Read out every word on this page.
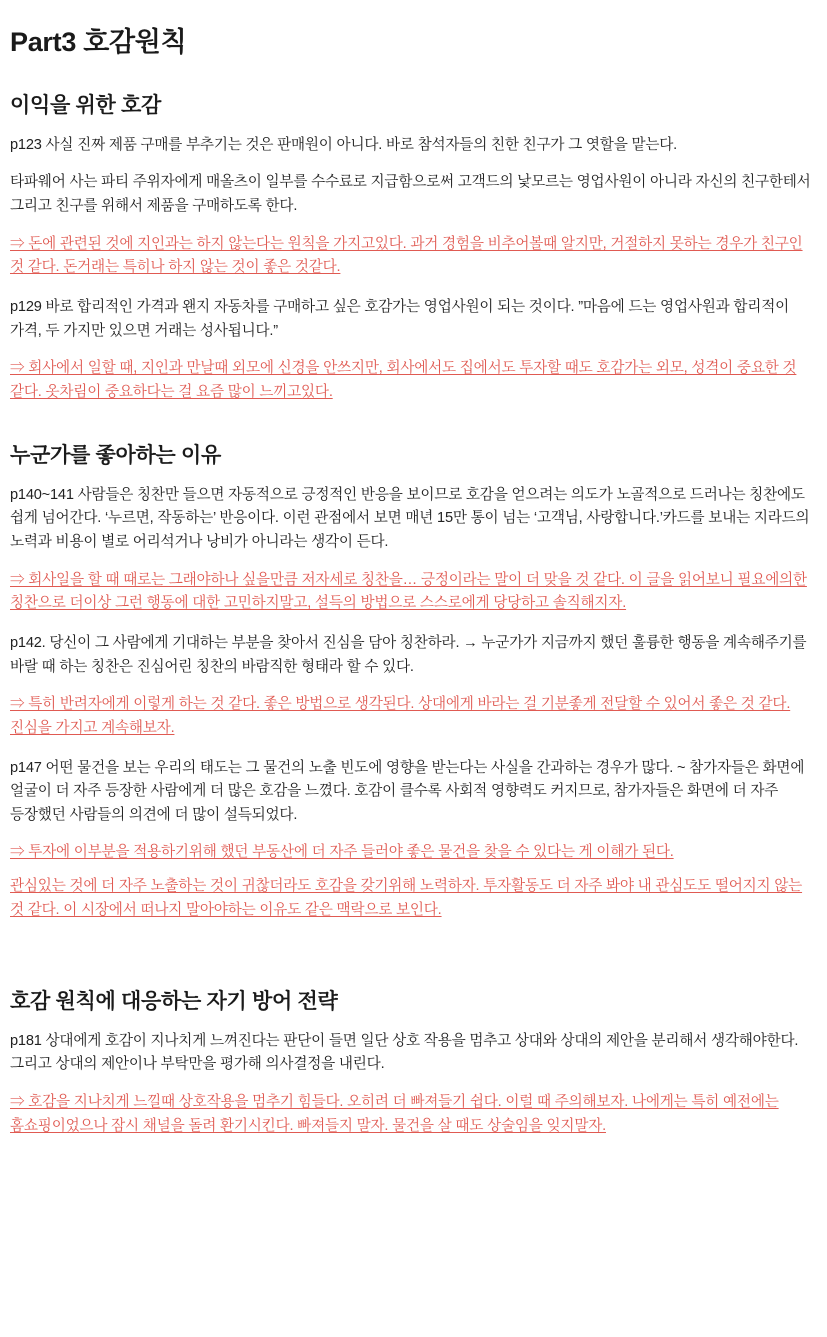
Part3 호감원칙
이익을 위한 호감

p123 사실 진짜 제품 구매를 부추기는 것은 판매원이 아니다. 바로 참석자들의 친한 친구가 그 엿할을 맡는다.

타파웨어 사는 파티 주위자에게 매올츠이 일부를 수수료로 지급함으로써 고객드의 낯모르는 영업사원이 아니라 자신의 친구한테서 그리고 친구를 위해서 제품을 구매하도록 한다.

⇒ 돈에 관련된 것에 지인과는 하지 않는다는 원칙을 가지고있다. 과거 경험을 비추어볼때 알지만, 거절하지 못하는 경우가 친구인 것 같다. 돈거래는 특히나 하지 않는 것이 좋은 것같다.

p129 바로 합리적인 가격과 왠지 자동차를 구매하고 싶은 호감가는 영업사원이 되는 것이다. ”마음에 드는 영업사원과 합리적이 가격, 두 가지만 있으면 거래는 성사됩니다.”

⇒ 회사에서 일할 때, 지인과 만날때 외모에 신경을 안쓰지만, 회사에서도 집에서도 투자할 때도 호감가는 외모, 성격이 중요한 것 같다. 옷차림이 중요하다는 걸 요즘 많이 느끼고있다.

누군가를 좋아하는 이유

p140~141 사람들은 칭찬만 들으면 자동적으로 긍정적인 반응을 보이므로 호감을 얻으려는 의도가 노골적으로 드러나는 칭찬에도 쉽게 넘어간다. ‘누르면, 작동하는’ 반응이다. 이런 관점에서 보면 매년 15만 통이 넘는 ‘고객님, 사랑합니다.’카드를 보내는 지라드의 노력과 비용이 별로 어리석거나 낭비가 아니라는 생각이 든다.

⇒ 회사일을 할 때 때로는 그래야하나 싶을만큼 저자세로 칭찬을… 긍정이라는 말이 더 맞을 것 같다. 이 글을 읽어보니 필요에의한 칭찬으로 더이상 그런 행동에 대한 고민하지말고, 설득의 방법으로 스스로에게 당당하고 솔직해지자.

p142. 당신이 그 사람에게 기대하는 부분을 찾아서 진심을 담아 칭찬하라. → 누군가가 지금까지 했던 훌륭한 행동을 계속해주기를 바랄 때 하는 칭찬은 진심어린 칭찬의 바람직한 형태라 할 수 있다.

⇒ 특히 반려자에게 이렇게 하는 것 같다. 좋은 방법으로 생각된다. 상대에게 바라는 걸 기분좋게 전달할 수 있어서 좋은 것 같다. 진심을 가지고 계속해보자.

p147 어떤 물건을 보는 우리의 태도는 그 물건의 노출 빈도에 영향을 받는다는 사실을 간과하는 경우가 많다. ~ 참가자들은 화면에 얼굴이 더 자주 등장한 사람에게 더 많은 호감을 느꼈다. 호감이 클수록 사회적 영향력도 커지므로, 참가자들은 화면에 더 자주 등장했던 사람들의 의견에 더 많이 설득되었다.

⇒ 투자에 이부분을 적용하기위해 했던 부동산에 더 자주 들러야 좋은 물건을 찾을 수 있다는 게 이해가 된다.

관심있는 것에 더 자주 노출하는 것이 귀찮더라도 호감을 갖기위해 노력하자. 투자활동도 더 자주 봐야 내 관심도도 떨어지지 않는 것 같다. 이 시장에서 떠나지 말아야하는 이유도 같은 맥락으로 보인다.

호감 원칙에 대응하는 자기 방어 전략

p181 상대에게 호감이 지나치게 느껴진다는 판단이 들면 일단 상호 작용을 멈추고 상대와 상대의 제안을 분리해서 생각해야한다. 그리고 상대의 제안이나 부탁만을 평가해 의사결정을 내린다.

⇒ 호감을 지나치게 느낄때 상호작용을 멈추기 힘들다. 오히려 더 빠져들기 쉽다. 이럴 때 주의해보자. 나에게는 특히 예전에는 홈쇼핑이었으나 잠시 채널을 돌려 환기시킨다. 빠져들지 말자. 물건을 살 때도 상술임을 잊지말자.
